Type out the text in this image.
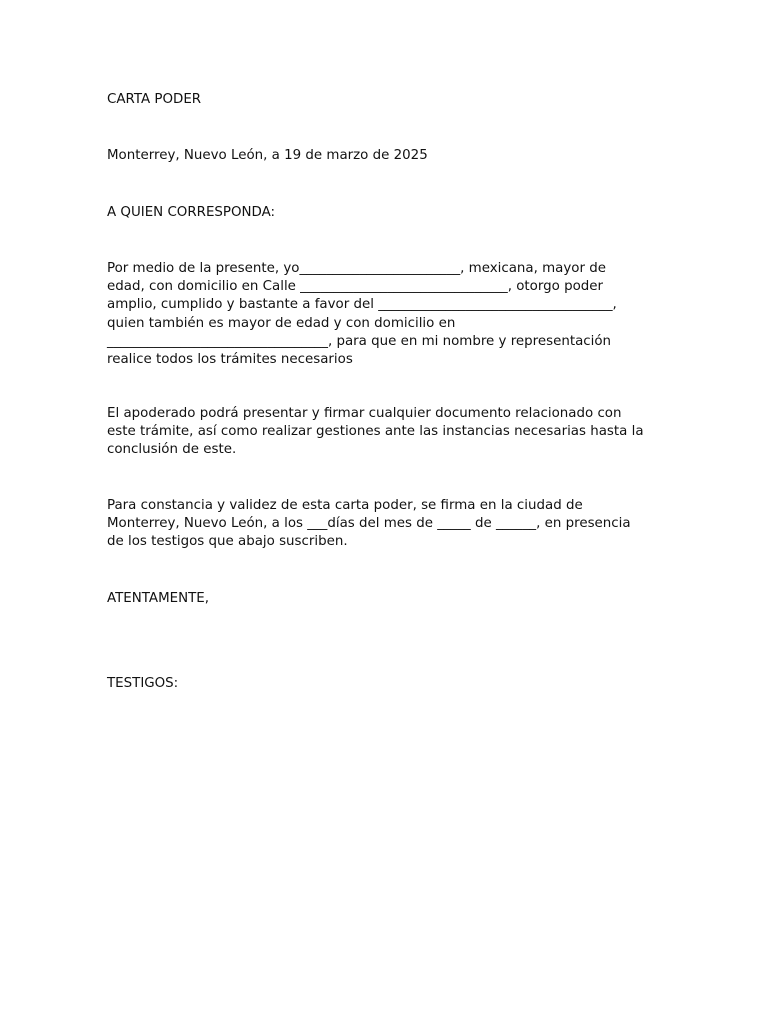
CARTA PODER

Monterrey, Nuevo León, a 19 de marzo de 2025

A QUIEN CORRESPONDA:

Por medio de la presente, yo________________________, mexicana, mayor de
edad, con domicilio en Calle _______________________________, otorgo poder
amplio, cumplido y bastante a favor del ___________________________________,
quien también es mayor de edad y con domicilio en
_________________________________, para que en mi nombre y representación
realice todos los trámites necesarios
El apoderado podrá presentar y firmar cualquier documento relacionado con
este trámite, así como realizar gestiones ante las instancias necesarias hasta la
conclusión de este.
Para constancia y validez de esta carta poder, se firma en la ciudad de
Monterrey, Nuevo León, a los ___días del mes de _____ de ______, en presencia
de los testigos que abajo suscriben.

ATENTAMENTE,

TESTIGOS:
